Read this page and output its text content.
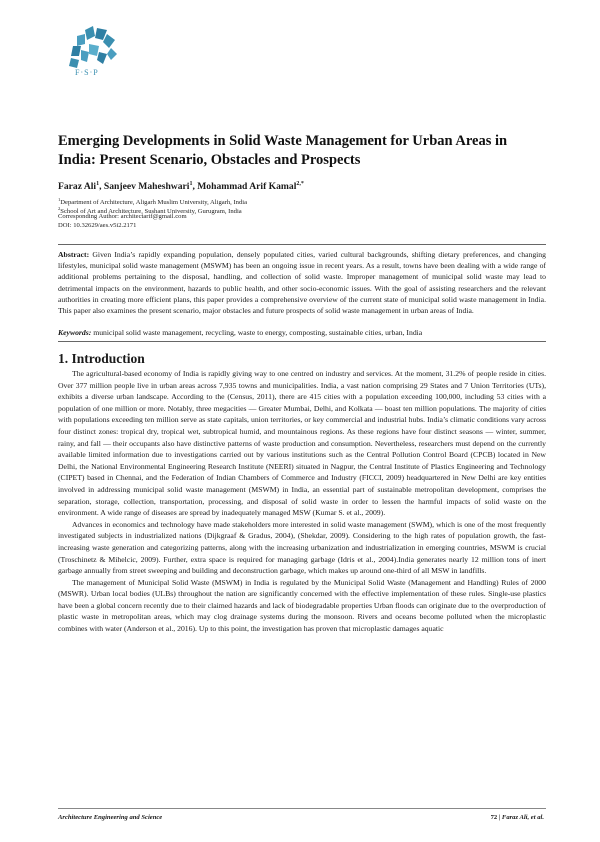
F·S·P
Emerging Developments in Solid Waste Management for Urban Areas in India: Present Scenario, Obstacles and Prospects
Faraz Ali$^1$, Sanjeev Maheshwari$^1$, Mohammad Arif Kamal$^{2,*}$
$^1$Department of Architecture, Aligarh Muslim University, Aligarh, India
$^2$School of Art and Architecture, Sushant University, Gurugram, India
Corresponding Author: architectarif@gmail.com
DOI: 10.32629/aes.v5i2.2171
Abstract: Given India’s rapidly expanding population, densely populated cities, varied cultural backgrounds, shifting dietary preferences, and changing lifestyles, municipal solid waste management (MSWM) has been an ongoing issue in recent years. As a result, towns have been dealing with a wide range of additional problems pertaining to the disposal, handling, and collection of solid waste. Improper management of municipal solid waste may lead to detrimental impacts on the environment, hazards to public health, and other socio-economic issues. With the goal of assisting researchers and the relevant authorities in creating more efficient plans, this paper provides a comprehensive overview of the current state of municipal solid waste management in India. This paper also examines the present scenario, major obstacles and future prospects of solid waste management in urban areas of India.
Keywords: municipal solid waste management, recycling, waste to energy, composting, sustainable cities, urban, India
1. Introduction

The agricultural-based economy of India is rapidly giving way to one centred on industry and services. At the moment, 31.2% of people reside in cities. Over 377 million people live in urban areas across 7,935 towns and municipalities. India, a vast nation comprising 29 States and 7 Union Territories (UTs), exhibits a diverse urban landscape. According to the (Census, 2011), there are 415 cities with a population exceeding 100,000, including 53 cities with a population of one million or more. Notably, three megacities — Greater Mumbai, Delhi, and Kolkata — boast ten million populations. The majority of cities with populations exceeding ten million serve as state capitals, union territories, or key commercial and industrial hubs. India’s climatic conditions vary across four distinct zones: tropical dry, tropical wet, subtropical humid, and mountainous regions. As these regions have four distinct seasons — winter, summer, rainy, and fall — their occupants also have distinctive patterns of waste production and consumption. Nevertheless, researchers must depend on the currently available limited information due to investigations carried out by various institutions such as the Central Pollution Control Board (CPCB) located in New Delhi, the National Environmental Engineering Research Institute (NEERI) situated in Nagpur, the Central Institute of Plastics Engineering and Technology (CIPET) based in Chennai, and the Federation of Indian Chambers of Commerce and Industry (FICCI, 2009) headquartered in New Delhi are key entities involved in addressing municipal solid waste management (MSWM) in India, an essential part of sustainable metropolitan development, comprises the separation, storage, collection, transportation, processing, and disposal of solid waste in order to lessen the harmful impacts of solid waste on the environment. A wide range of diseases are spread by inadequately managed MSW (Kumar S. et al., 2009).

Advances in economics and technology have made stakeholders more interested in solid waste management (SWM), which is one of the most frequently investigated subjects in industrialized nations (Dijkgraaf & Gradus, 2004), (Shekdar, 2009). Considering to the high rates of population growth, the fast-increasing waste generation and categorizing patterns, along with the increasing urbanization and industrialization in emerging countries, MSWM is crucial (Troschinetz & Mihelcic, 2009). Further, extra space is required for managing garbage (Idris et al., 2004).India generates nearly 12 million tons of inert garbage annually from street sweeping and building and deconstruction garbage, which makes up around one-third of all MSW in landfills.

The management of Municipal Solid Waste (MSWM) in India is regulated by the Municipal Solid Waste (Management and Handling) Rules of 2000 (MSWR). Urban local bodies (ULBs) throughout the nation are significantly concerned with the effective implementation of these rules. Single-use plastics have been a global concern recently due to their claimed hazards and lack of biodegradable properties Urban floods can originate due to the overproduction of plastic waste in metropolitan areas, which may clog drainage systems during the monsoon. Rivers and oceans become polluted when the microplastic combines with water (Anderson et al., 2016). Up to this point, the investigation has proven that microplastic damages aquatic

Architecture Engineering and Science	72 | Faraz Ali, et al.
